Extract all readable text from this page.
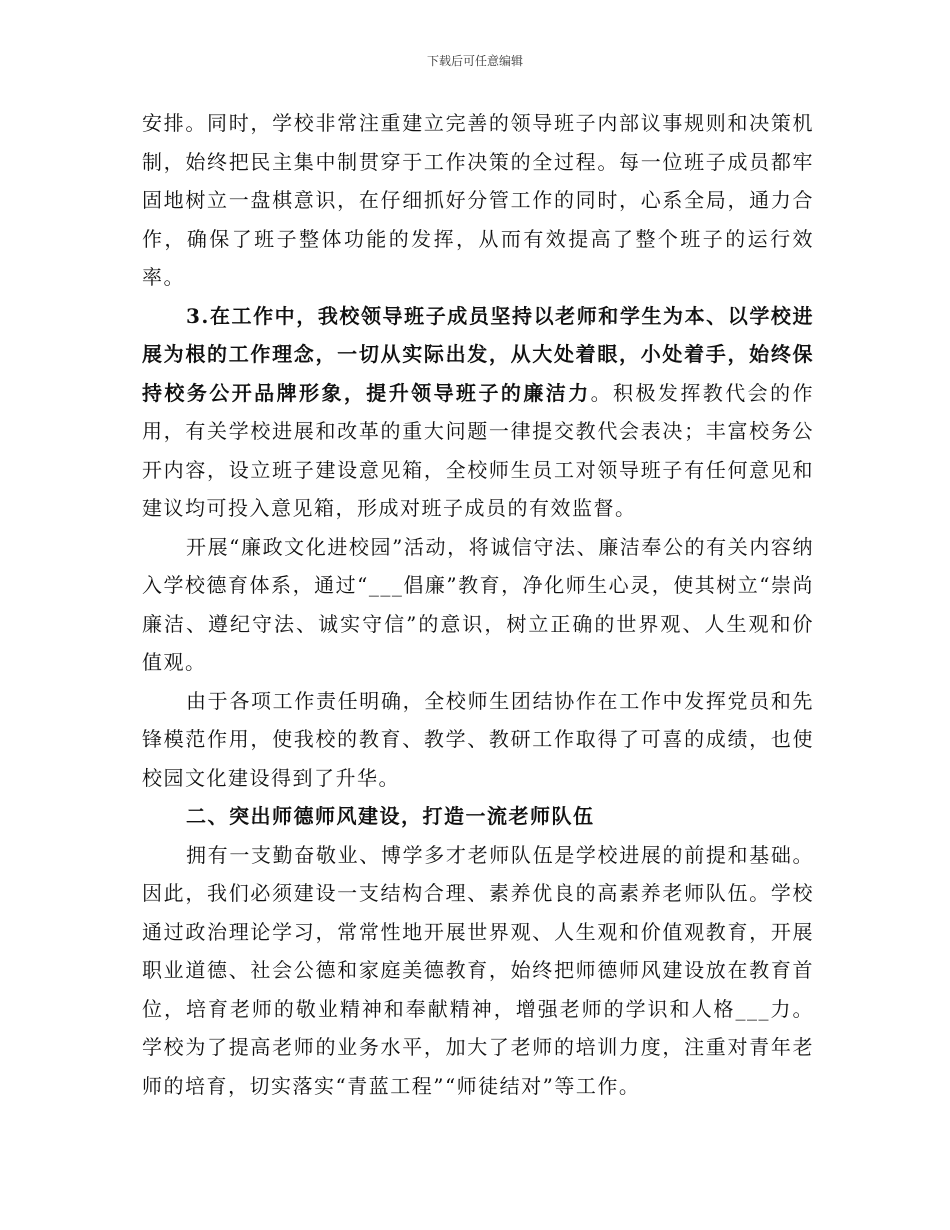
下载后可任意编辑

安排。同时，学校非常注重建立完善的领导班子内部议事规则和决策机制，始终把民主集中制贯穿于工作决策的全过程。每一位班子成员都牢固地树立一盘棋意识，在仔细抓好分管工作的同时，心系全局，通力合作，确保了班子整体功能的发挥，从而有效提高了整个班子的运行效率。

3.在工作中，我校领导班子成员坚持以老师和学生为本、以学校进展为根的工作理念，一切从实际出发，从大处着眼，小处着手，始终保持校务公开品牌形象，提升领导班子的廉洁力。积极发挥教代会的作用，有关学校进展和改革的重大问题一律提交教代会表决；丰富校务公开内容，设立班子建设意见箱，全校师生员工对领导班子有任何意见和建议均可投入意见箱，形成对班子成员的有效监督。

开展“廉政文化进校园”活动，将诚信守法、廉洁奉公的有关内容纳入学校德育体系，通过“___倡廉”教育，净化师生心灵，使其树立“崇尚廉洁、遵纪守法、诚实守信”的意识，树立正确的世界观、人生观和价值观。

由于各项工作责任明确，全校师生团结协作在工作中发挥党员和先锋模范作用，使我校的教育、教学、教研工作取得了可喜的成绩，也使校园文化建设得到了升华。

二、突出师德师风建设，打造一流老师队伍

拥有一支勤奋敬业、博学多才老师队伍是学校进展的前提和基础。因此，我们必须建设一支结构合理、素养优良的高素养老师队伍。学校通过政治理论学习，常常性地开展世界观、人生观和价值观教育，开展职业道德、社会公德和家庭美德教育，始终把师德师风建设放在教育首位，培育老师的敬业精神和奉献精神，增强老师的学识和人格___力。学校为了提高老师的业务水平，加大了老师的培训力度，注重对青年老师的培育，切实落实“青蓝工程”“师徒结对”等工作。
